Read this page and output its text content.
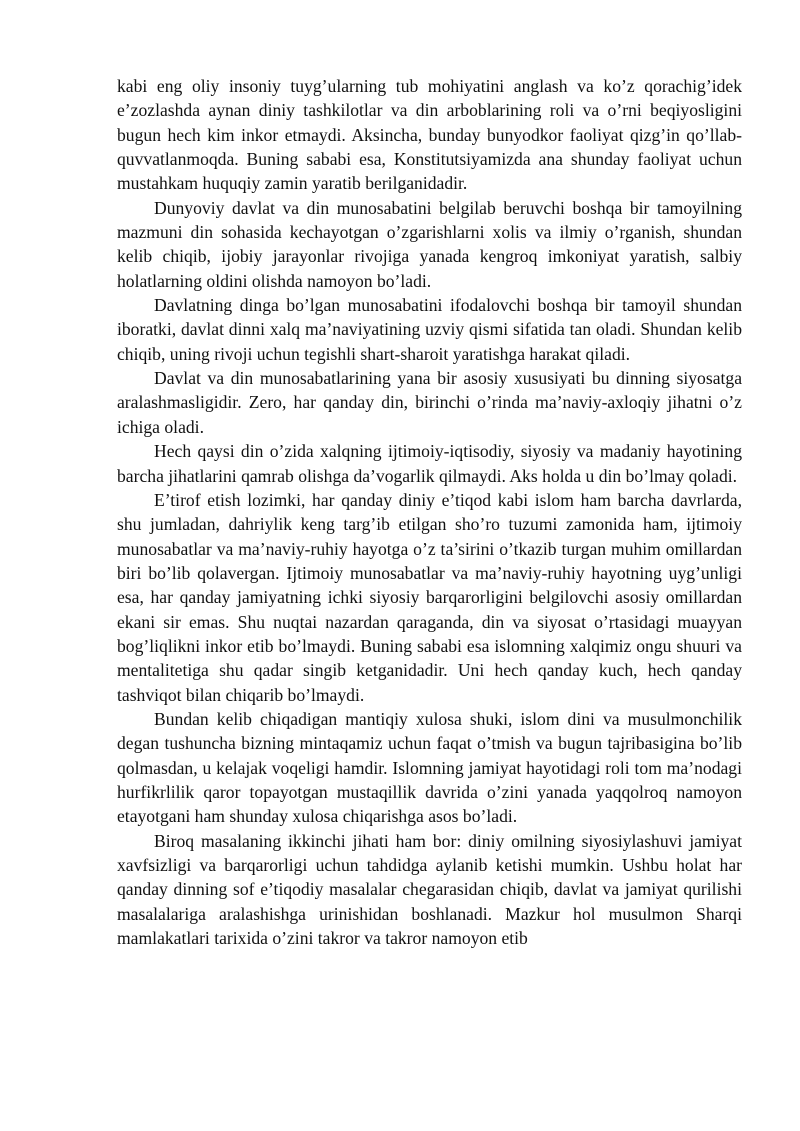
kabi eng oliy insoniy tuyg’ularning tub mohiyatini anglash va ko’z qorachig’idek e’zozlashda aynan diniy tashkilotlar va din arboblarining roli va o’rni beqiyosligini bugun hech kim inkor etmaydi. Aksincha, bunday bunyodkor faoliyat qizg’in qo’llab-quvvatlanmoqda. Buning sababi esa, Konstitutsiyamizda ana shunday faoliyat uchun mustahkam huquqiy zamin yaratib berilganidadir.

Dunyoviy davlat va din munosabatini belgilab beruvchi boshqa bir tamoyilning mazmuni din sohasida kechayotgan o’zgarishlarni xolis va ilmiy o’rganish, shundan kelib chiqib, ijobiy jarayonlar rivojiga yanada kengroq imkoniyat yaratish, salbiy holatlarning oldini olishda namoyon bo’ladi.

Davlatning dinga bo’lgan munosabatini ifodalovchi boshqa bir tamoyil shundan iboratki, davlat dinni xalq ma’naviyatining uzviy qismi sifatida tan oladi. Shundan kelib chiqib, uning rivoji uchun tegishli shart-sharoit yaratishga harakat qiladi.

Davlat va din munosabatlarining yana bir asosiy xususiyati bu dinning siyosatga aralashmasligidir. Zero, har qanday din, birinchi o’rinda ma’naviy-axloqiy jihatni o’z ichiga oladi.

Hech qaysi din o’zida xalqning ijtimoiy-iqtisodiy, siyosiy va madaniy hayotining barcha jihatlarini qamrab olishga da’vogarlik qilmaydi. Aks holda u din bo’lmay qoladi.

E’tirof etish lozimki, har qanday diniy e’tiqod kabi islom ham barcha davrlarda, shu jumladan, dahriylik keng targ’ib etilgan sho’ro tuzumi zamonida ham, ijtimoiy munosabatlar va ma’naviy-ruhiy hayotga o’z ta’sirini o’tkazib turgan muhim omillardan biri bo’lib qolavergan. Ijtimoiy munosabatlar va ma’naviy-ruhiy hayotning uyg’unligi esa, har qanday jamiyatning ichki siyosiy barqarorligini belgilovchi asosiy omillardan ekani sir emas. Shu nuqtai nazardan qaraganda, din va siyosat o’rtasidagi muayyan bog’liqlikni inkor etib bo’lmaydi. Buning sababi esa islomning xalqimiz ongu shuuri va mentalitetiga shu qadar singib ketganidadir. Uni hech qanday kuch, hech qanday tashviqot bilan chiqarib bo’lmaydi.

Bundan kelib chiqadigan mantiqiy xulosa shuki, islom dini va musulmonchilik degan tushuncha bizning mintaqamiz uchun faqat o’tmish va bugun tajribasigina bo’lib qolmasdan, u kelajak voqeligi hamdir. Islomning jamiyat hayotidagi roli tom ma’nodagi hurfikrlilik qaror topayotgan mustaqillik davrida o’zini yanada yaqqolroq namoyon etayotgani ham shunday xulosa chiqarishga asos bo’ladi.

Biroq masalaning ikkinchi jihati ham bor: diniy omilning siyosiylashuvi jamiyat xavfsizligi va barqarorligi uchun tahdidga aylanib ketishi mumkin. Ushbu holat har qanday dinning sof e’tiqodiy masalalar chegarasidan chiqib, davlat va jamiyat qurilishi masalalariga aralashishga urinishidan boshlanadi. Mazkur hol musulmon Sharqi mamlakatlari tarixida o’zini takror va takror namoyon etib
